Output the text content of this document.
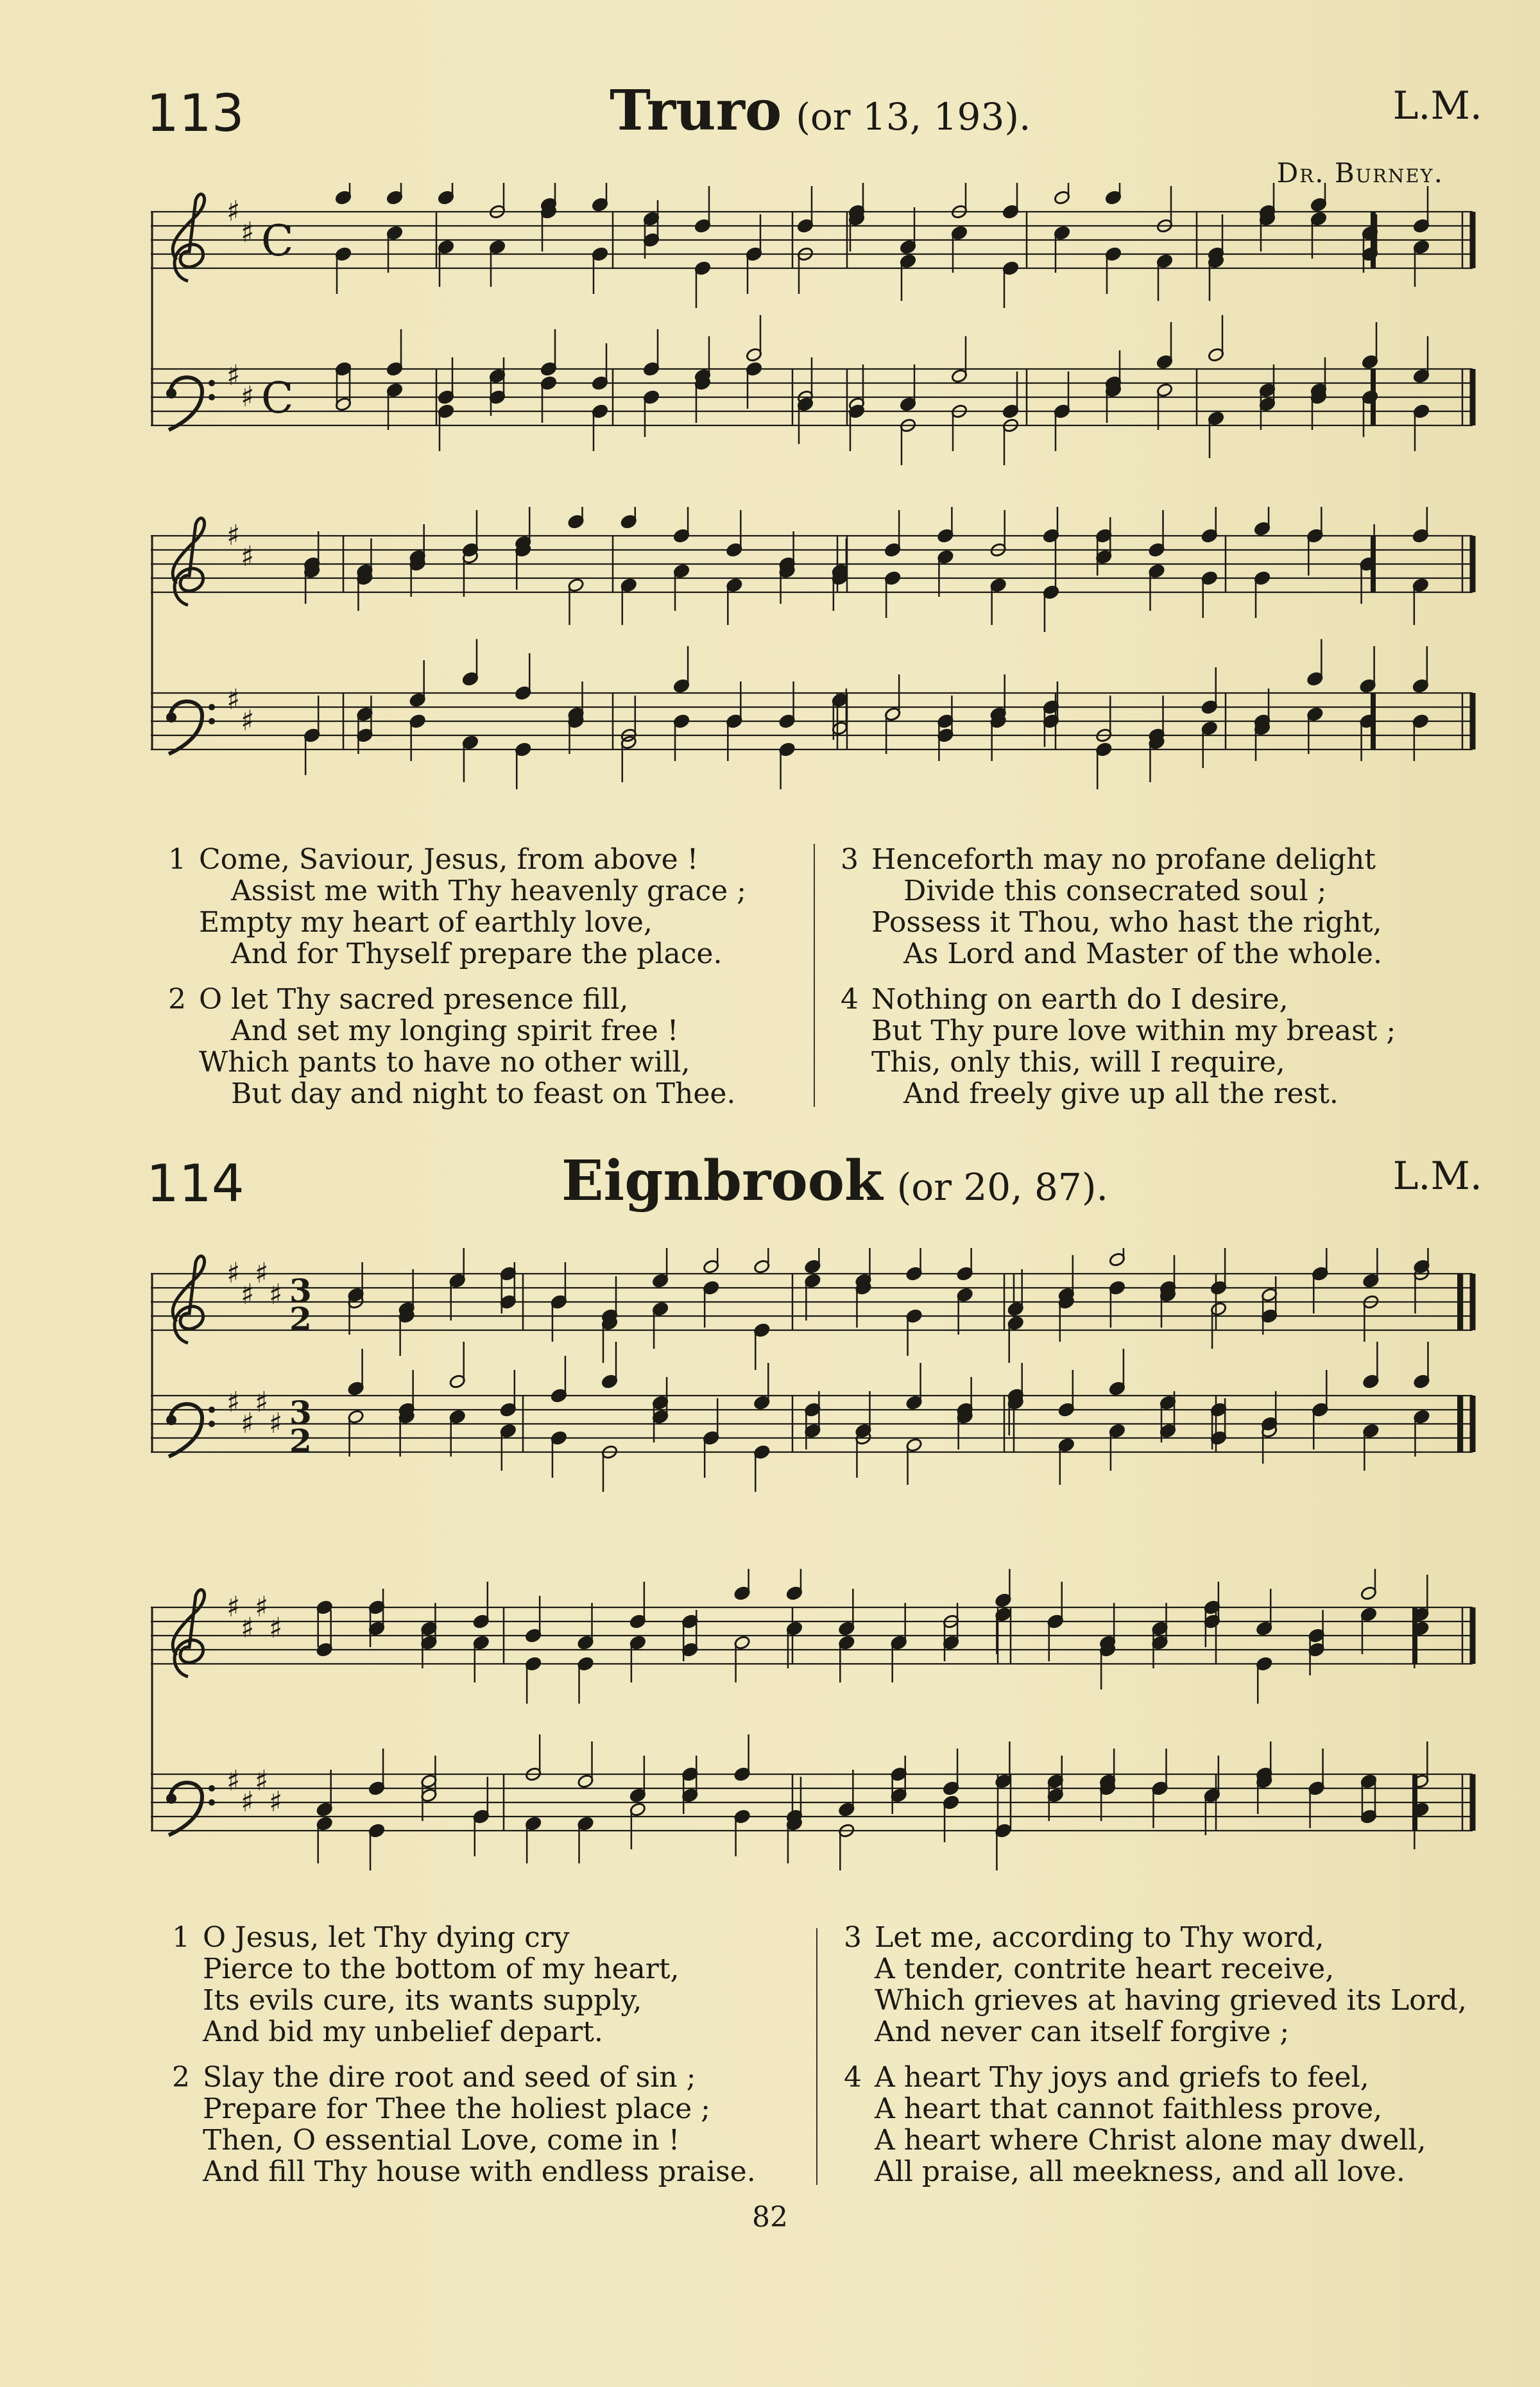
113	Truro (or 13, 193).	L.M.
Dr. Burney.
♯
♯ C
♯
♯ C
♯
♯
♯
♯
1 Come, Saviour, Jesus, from above !
Assist me with Thy heavenly grace ;
Empty my heart of earthly love,
And for Thyself prepare the place.
2 O let Thy sacred presence fill,
And set my longing spirit free !
Which pants to have no other will,
But day and night to feast on Thee.
3 Henceforth may no profane delight
Divide this consecrated soul ;
Possess it Thou, who hast the right,
As Lord and Master of the whole.
4 Nothing on earth do I desire,
But Thy pure love within my breast ;
This, only this, will I require,
And freely give up all the rest.
114	Eignbrook (or 20, 87).	L.M.
♯
♯
♯
♯ 3
2
♯
♯
♯
♯ 3
2
♯
♯
♯
♯
♯
♯
♯
♯
1 O Jesus, let Thy dying cry
Pierce to the bottom of my heart,
Its evils cure, its wants supply,
And bid my unbelief depart.
2 Slay the dire root and seed of sin ;
Prepare for Thee the holiest place ;
Then, O essential Love, come in !
And fill Thy house with endless praise.
3 Let me, according to Thy word,
A tender, contrite heart receive,
Which grieves at having grieved its Lord,
And never can itself forgive ;
4 A heart Thy joys and griefs to feel,
A heart that cannot faithless prove,
A heart where Christ alone may dwell,
All praise, all meekness, and all love.
82
